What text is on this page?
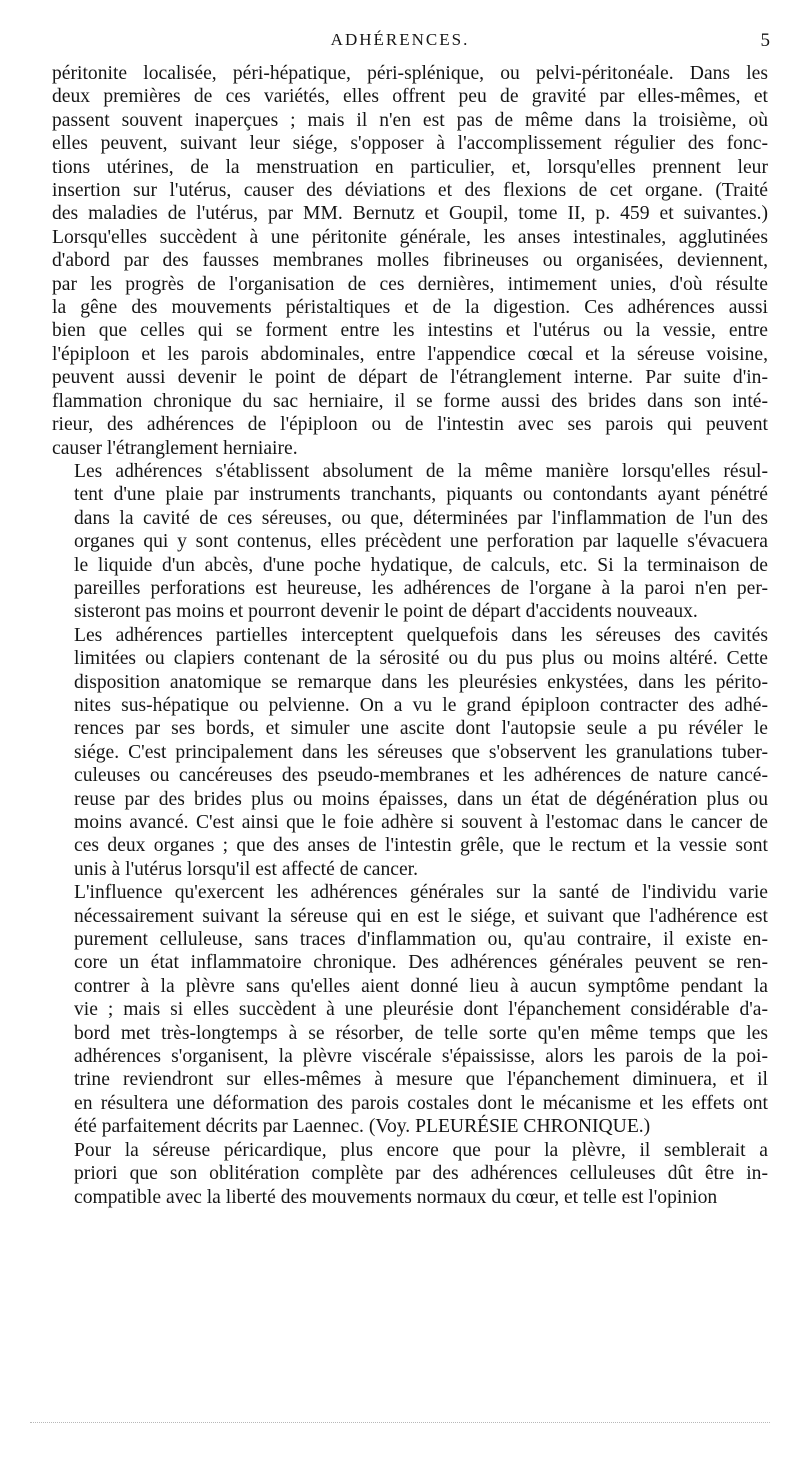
ADHÉRENCES.	5

péritonite localisée, péri-hépatique, péri-splénique, ou pelvi-péritonéale. Dans les
deux premières de ces variétés, elles offrent peu de gravité par elles-mêmes, et
passent souvent inaperçues ; mais il n'en est pas de même dans la troisième, où
elles peuvent, suivant leur siége, s'opposer à l'accomplissement régulier des fonc-
tions utérines, de la menstruation en particulier, et, lorsqu'elles prennent leur
insertion sur l'utérus, causer des déviations et des flexions de cet organe. (Traité
des maladies de l'utérus, par MM. Bernutz et Goupil, tome II, p. 459 et suivantes.)
Lorsqu'elles succèdent à une péritonite générale, les anses intestinales, agglutinées
d'abord par des fausses membranes molles fibrineuses ou organisées, deviennent,
par les progrès de l'organisation de ces dernières, intimement unies, d'où résulte
la gêne des mouvements péristaltiques et de la digestion. Ces adhérences aussi
bien que celles qui se forment entre les intestins et l'utérus ou la vessie, entre
l'épiploon et les parois abdominales, entre l'appendice cœcal et la séreuse voisine,
peuvent aussi devenir le point de départ de l'étranglement interne. Par suite d'in-
flammation chronique du sac herniaire, il se forme aussi des brides dans son inté-
rieur, des adhérences de l'épiploon ou de l'intestin avec ses parois qui peuvent
causer l'étranglement herniaire.

Les adhérences s'établissent absolument de la même manière lorsqu'elles résul-
tent d'une plaie par instruments tranchants, piquants ou contondants ayant pénétré
dans la cavité de ces séreuses, ou que, déterminées par l'inflammation de l'un des
organes qui y sont contenus, elles précèdent une perforation par laquelle s'évacuera
le liquide d'un abcès, d'une poche hydatique, de calculs, etc. Si la terminaison de
pareilles perforations est heureuse, les adhérences de l'organe à la paroi n'en per-
sisteront pas moins et pourront devenir le point de départ d'accidents nouveaux.

Les adhérences partielles interceptent quelquefois dans les séreuses des cavités
limitées ou clapiers contenant de la sérosité ou du pus plus ou moins altéré. Cette
disposition anatomique se remarque dans les pleurésies enkystées, dans les périto-
nites sus-hépatique ou pelvienne. On a vu le grand épiploon contracter des adhé-
rences par ses bords, et simuler une ascite dont l'autopsie seule a pu révéler le
siége. C'est principalement dans les séreuses que s'observent les granulations tuber-
culeuses ou cancéreuses des pseudo-membranes et les adhérences de nature cancé-
reuse par des brides plus ou moins épaisses, dans un état de dégénération plus ou
moins avancé. C'est ainsi que le foie adhère si souvent à l'estomac dans le cancer de
ces deux organes ; que des anses de l'intestin grêle, que le rectum et la vessie sont
unis à l'utérus lorsqu'il est affecté de cancer.

L'influence qu'exercent les adhérences générales sur la santé de l'individu varie
nécessairement suivant la séreuse qui en est le siége, et suivant que l'adhérence est
purement celluleuse, sans traces d'inflammation ou, qu'au contraire, il existe en-
core un état inflammatoire chronique. Des adhérences générales peuvent se ren-
contrer à la plèvre sans qu'elles aient donné lieu à aucun symptôme pendant la
vie ; mais si elles succèdent à une pleurésie dont l'épanchement considérable d'a-
bord met très-longtemps à se résorber, de telle sorte qu'en même temps que les
adhérences s'organisent, la plèvre viscérale s'épaississe, alors les parois de la poi-
trine reviendront sur elles-mêmes à mesure que l'épanchement diminuera, et il
en résultera une déformation des parois costales dont le mécanisme et les effets ont
été parfaitement décrits par Laennec. (Voy. PLEURÉSIE CHRONIQUE.)

Pour la séreuse péricardique, plus encore que pour la plèvre, il semblerait a
priori que son oblitération complète par des adhérences celluleuses dût être in-
compatible avec la liberté des mouvements normaux du cœur, et telle est l'opinion
